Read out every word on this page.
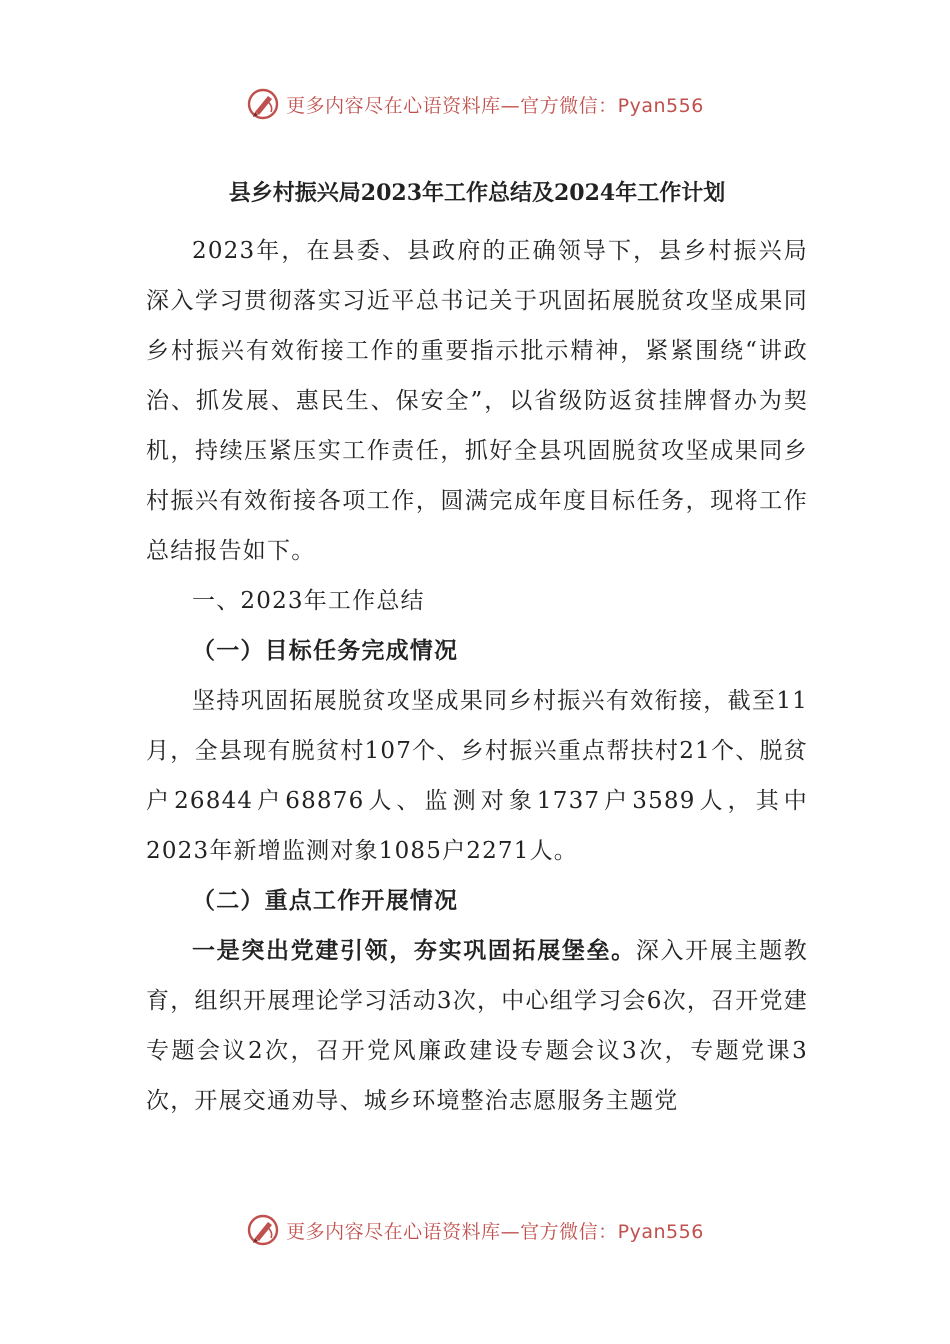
更多内容尽在心语资料库—官方微信：Pyan556
县乡村振兴局2023年工作总结及2024年工作计划

2023年，在县委、县政府的正确领导下，县乡村振兴局深入学习贯彻落实习近平总书记关于巩固拓展脱贫攻坚成果同乡村振兴有效衔接工作的重要指示批示精神，紧紧围绕“讲政治、抓发展、惠民生、保安全”，以省级防返贫挂牌督办为契机，持续压紧压实工作责任，抓好全县巩固脱贫攻坚成果同乡村振兴有效衔接各项工作，圆满完成年度目标任务，现将工作总结报告如下。

一、2023年工作总结

（一）目标任务完成情况

坚持巩固拓展脱贫攻坚成果同乡村振兴有效衔接，截至11月，全县现有脱贫村107个、乡村振兴重点帮扶村21个、脱贫户26844户68876人、监测对象1737户3589人，其中2023年新增监测对象1085户2271人。

（二）重点工作开展情况

一是突出党建引领，夯实巩固拓展堡垒。深入开展主题教育，组织开展理论学习活动3次，中心组学习会6次，召开党建专题会议2次，召开党风廉政建设专题会议3次，专题党课3次，开展交通劝导、城乡环境整治志愿服务主题党

更多内容尽在心语资料库—官方微信：Pyan556
